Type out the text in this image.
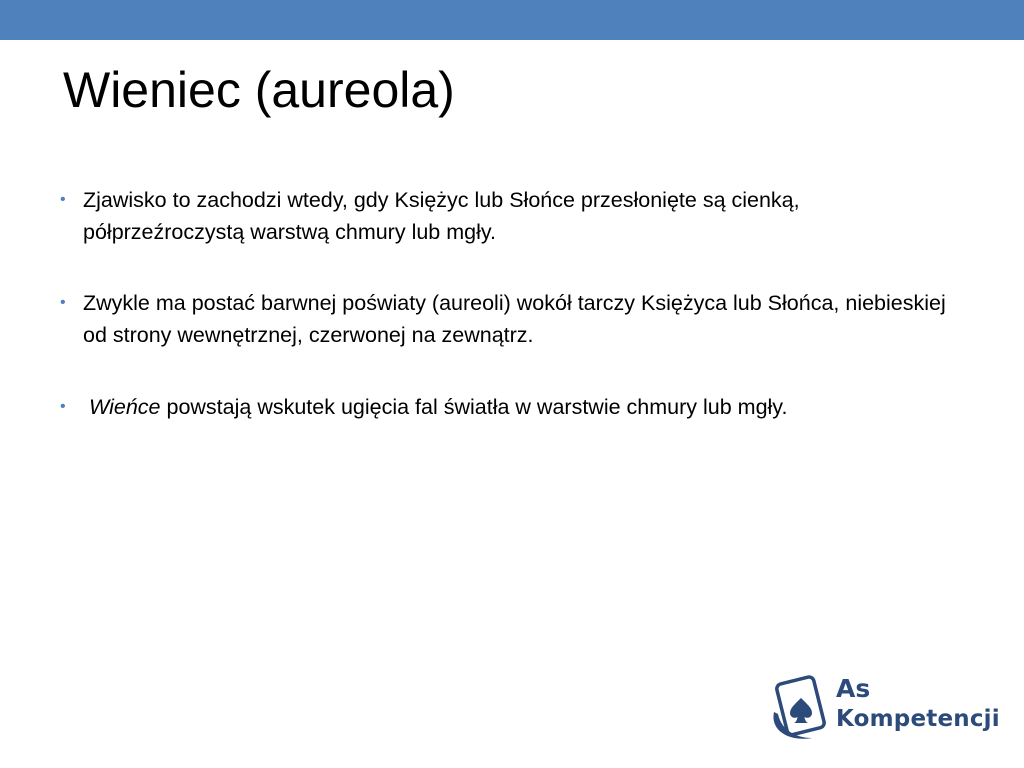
Wieniec (aureola)
• Zjawisko to zachodzi wtedy, gdy Księżyc lub Słońce przesłonięte są cienką, półprzeźroczystą warstwą chmury lub mgły.
• Zwykle ma postać barwnej poświaty (aureoli) wokół tarczy Księżyca lub Słońca, niebieskiej od strony wewnętrznej, czerwonej na zewnątrz.
• Wieńce powstają wskutek ugięcia fal światła w warstwie chmury lub mgły.
As
Kompetencji
